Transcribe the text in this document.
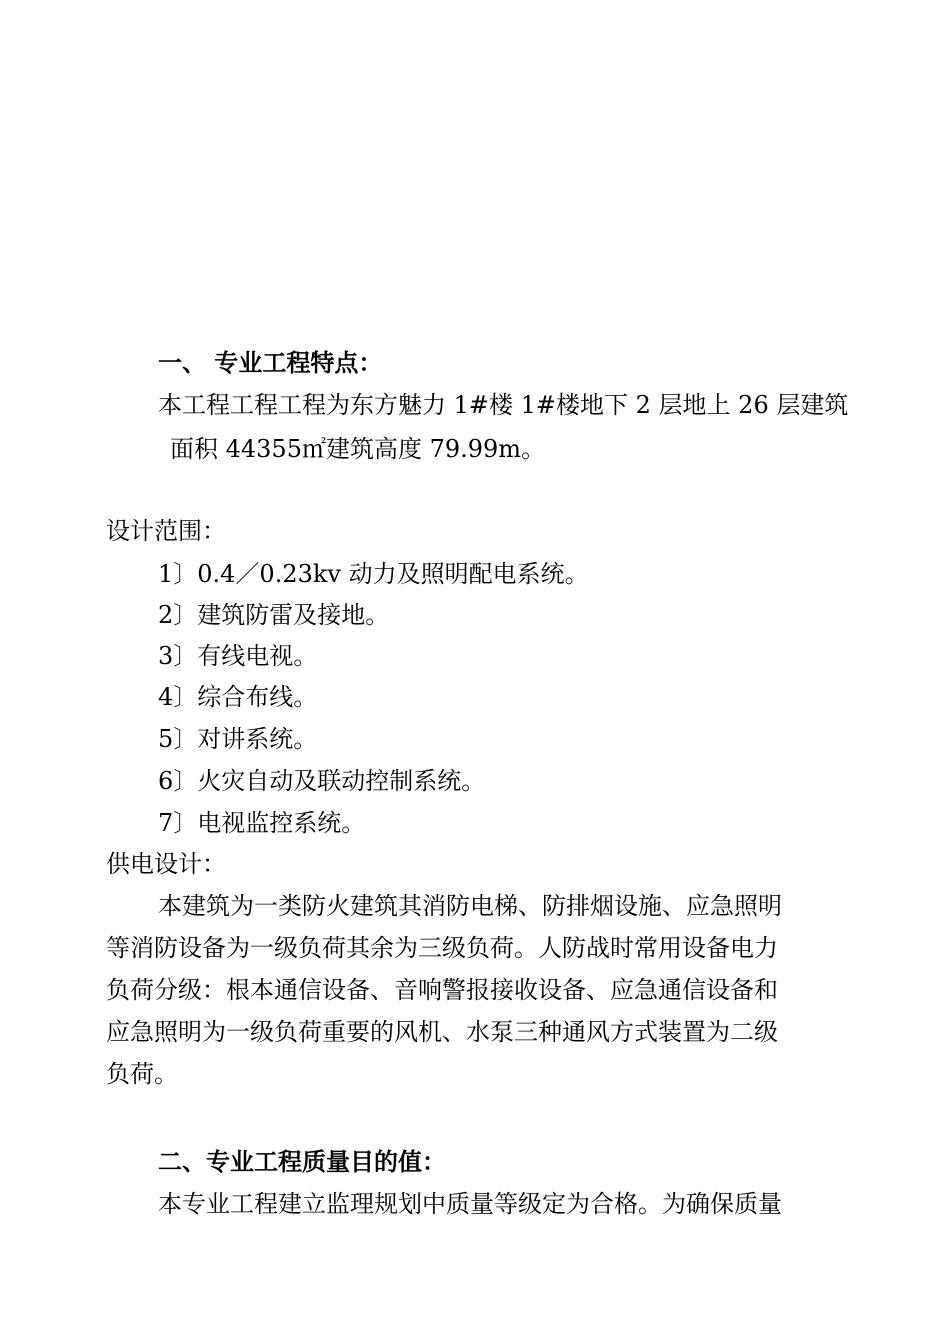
一、 专业工程特点：
本工程工程工程为东方魅力 1#楼 1#楼地下 2 层地上 26 层建筑
面积 44355㎡建筑高度 79.99m。
设计范围：
1〕0.4／0.23kv 动力及照明配电系统。
2〕建筑防雷及接地。
3〕有线电视。
4〕综合布线。
5〕对讲系统。
6〕火灾自动及联动控制系统。
7〕电视监控系统。
供电设计：
本建筑为一类防火建筑其消防电梯、防排烟设施、应急照明
等消防设备为一级负荷其余为三级负荷。人防战时常用设备电力
负荷分级：根本通信设备、音响警报接收设备、应急通信设备和
应急照明为一级负荷重要的风机、水泵三种通风方式装置为二级
负荷。
二、专业工程质量目的值：
本专业工程建立监理规划中质量等级定为合格。为确保质量
